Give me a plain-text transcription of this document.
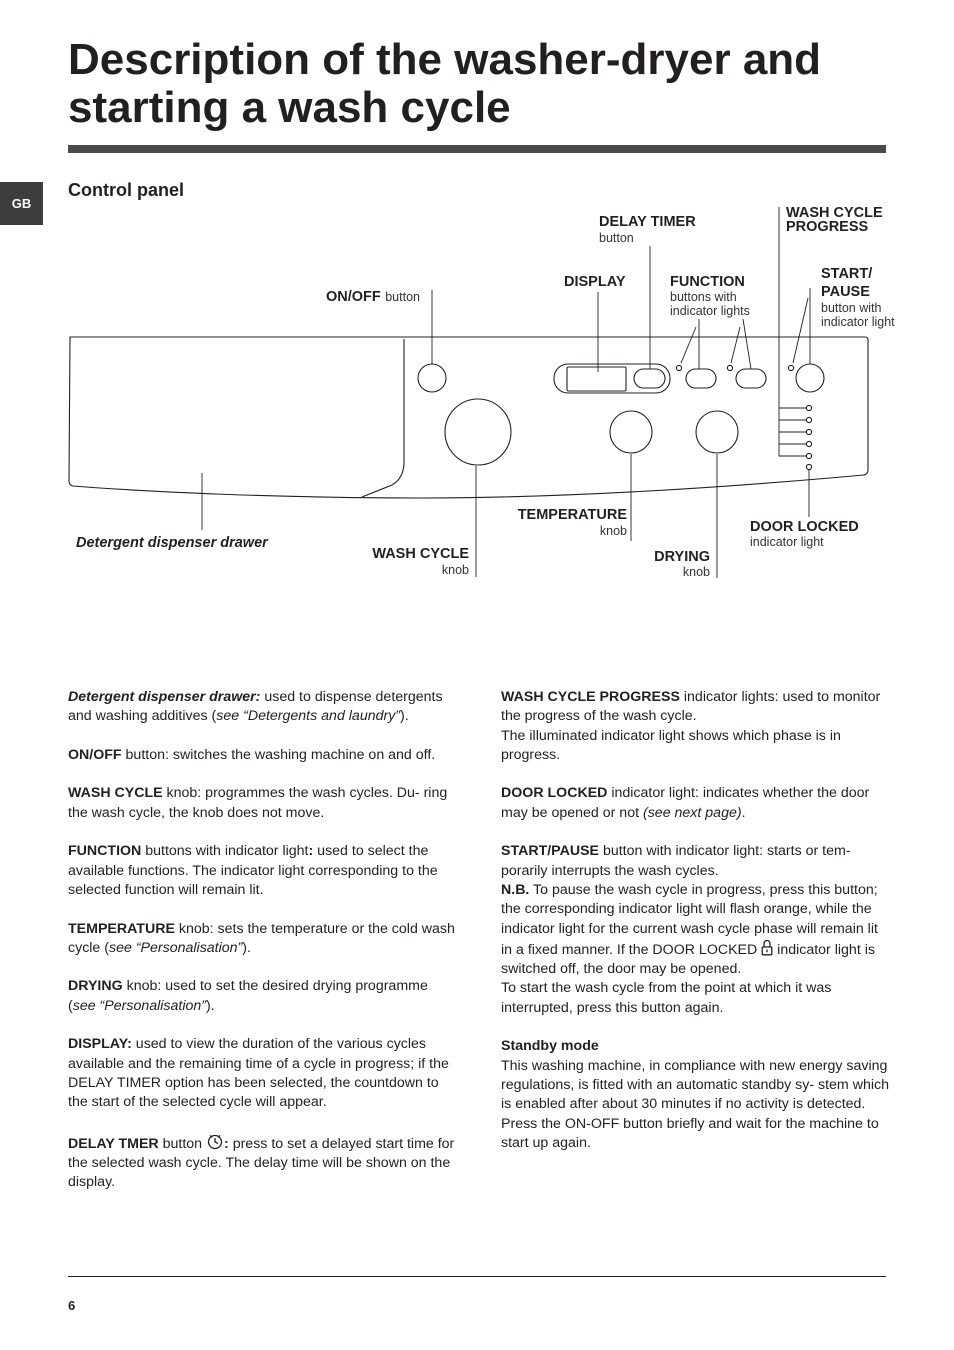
Description of the washer-dryer and starting a wash cycle
GB
Control panel
DELAY TIMER
button
WASH CYCLE
PROGRESS
START/
PAUSE
button with
indicator light
DISPLAY	FUNCTION
buttons with
indicator lights
ON/OFF button
TEMPERATURE
knob	DOOR LOCKED
indicator light
Detergent dispenser drawer
WASH CYCLE
knob
DRYING
knob

Detergent dispenser drawer: used to dispense detergents and washing additives (see “Detergents and laundry”).

ON/OFF button: switches the washing machine on and off.

WASH CYCLE knob: programmes the wash cycles. Du- ring the wash cycle, the knob does not move.

FUNCTION buttons with indicator light: used to select the available functions. The indicator light corresponding to the selected function will remain lit.

TEMPERATURE knob: sets the temperature or the cold wash cycle (see “Personalisation”).

DRYING knob: used to set the desired drying programme (see “Personalisation”).

DISPLAY: used to view the duration of the various cycles available and the remaining time of a cycle in progress; if the DELAY TIMER option has been selected, the countdown to the start of the selected cycle will appear.

DELAY TMER button : press to set a delayed start time for the selected wash cycle. The delay time will be shown on the display.

WASH CYCLE PROGRESS indicator lights: used to monitor the progress of the wash cycle.
The illuminated indicator light shows which phase is in progress.

DOOR LOCKED indicator light: indicates whether the door may be opened or not (see next page).

START/PAUSE button with indicator light: starts or tem- porarily interrupts the wash cycles.
N.B. To pause the wash cycle in progress, press this button; the corresponding indicator light will flash orange, while the indicator light for the current wash cycle phase will remain lit in a fixed manner. If the DOOR LOCKED  indicator light is switched off, the door may be opened.
To start the wash cycle from the point at which it was interrupted, press this button again.

Standby mode
This washing machine, in compliance with new energy saving regulations, is fitted with an automatic standby sy- stem which is enabled after about 30 minutes if no activity is detected. Press the ON-OFF button briefly and wait for the machine to start up again.

6
